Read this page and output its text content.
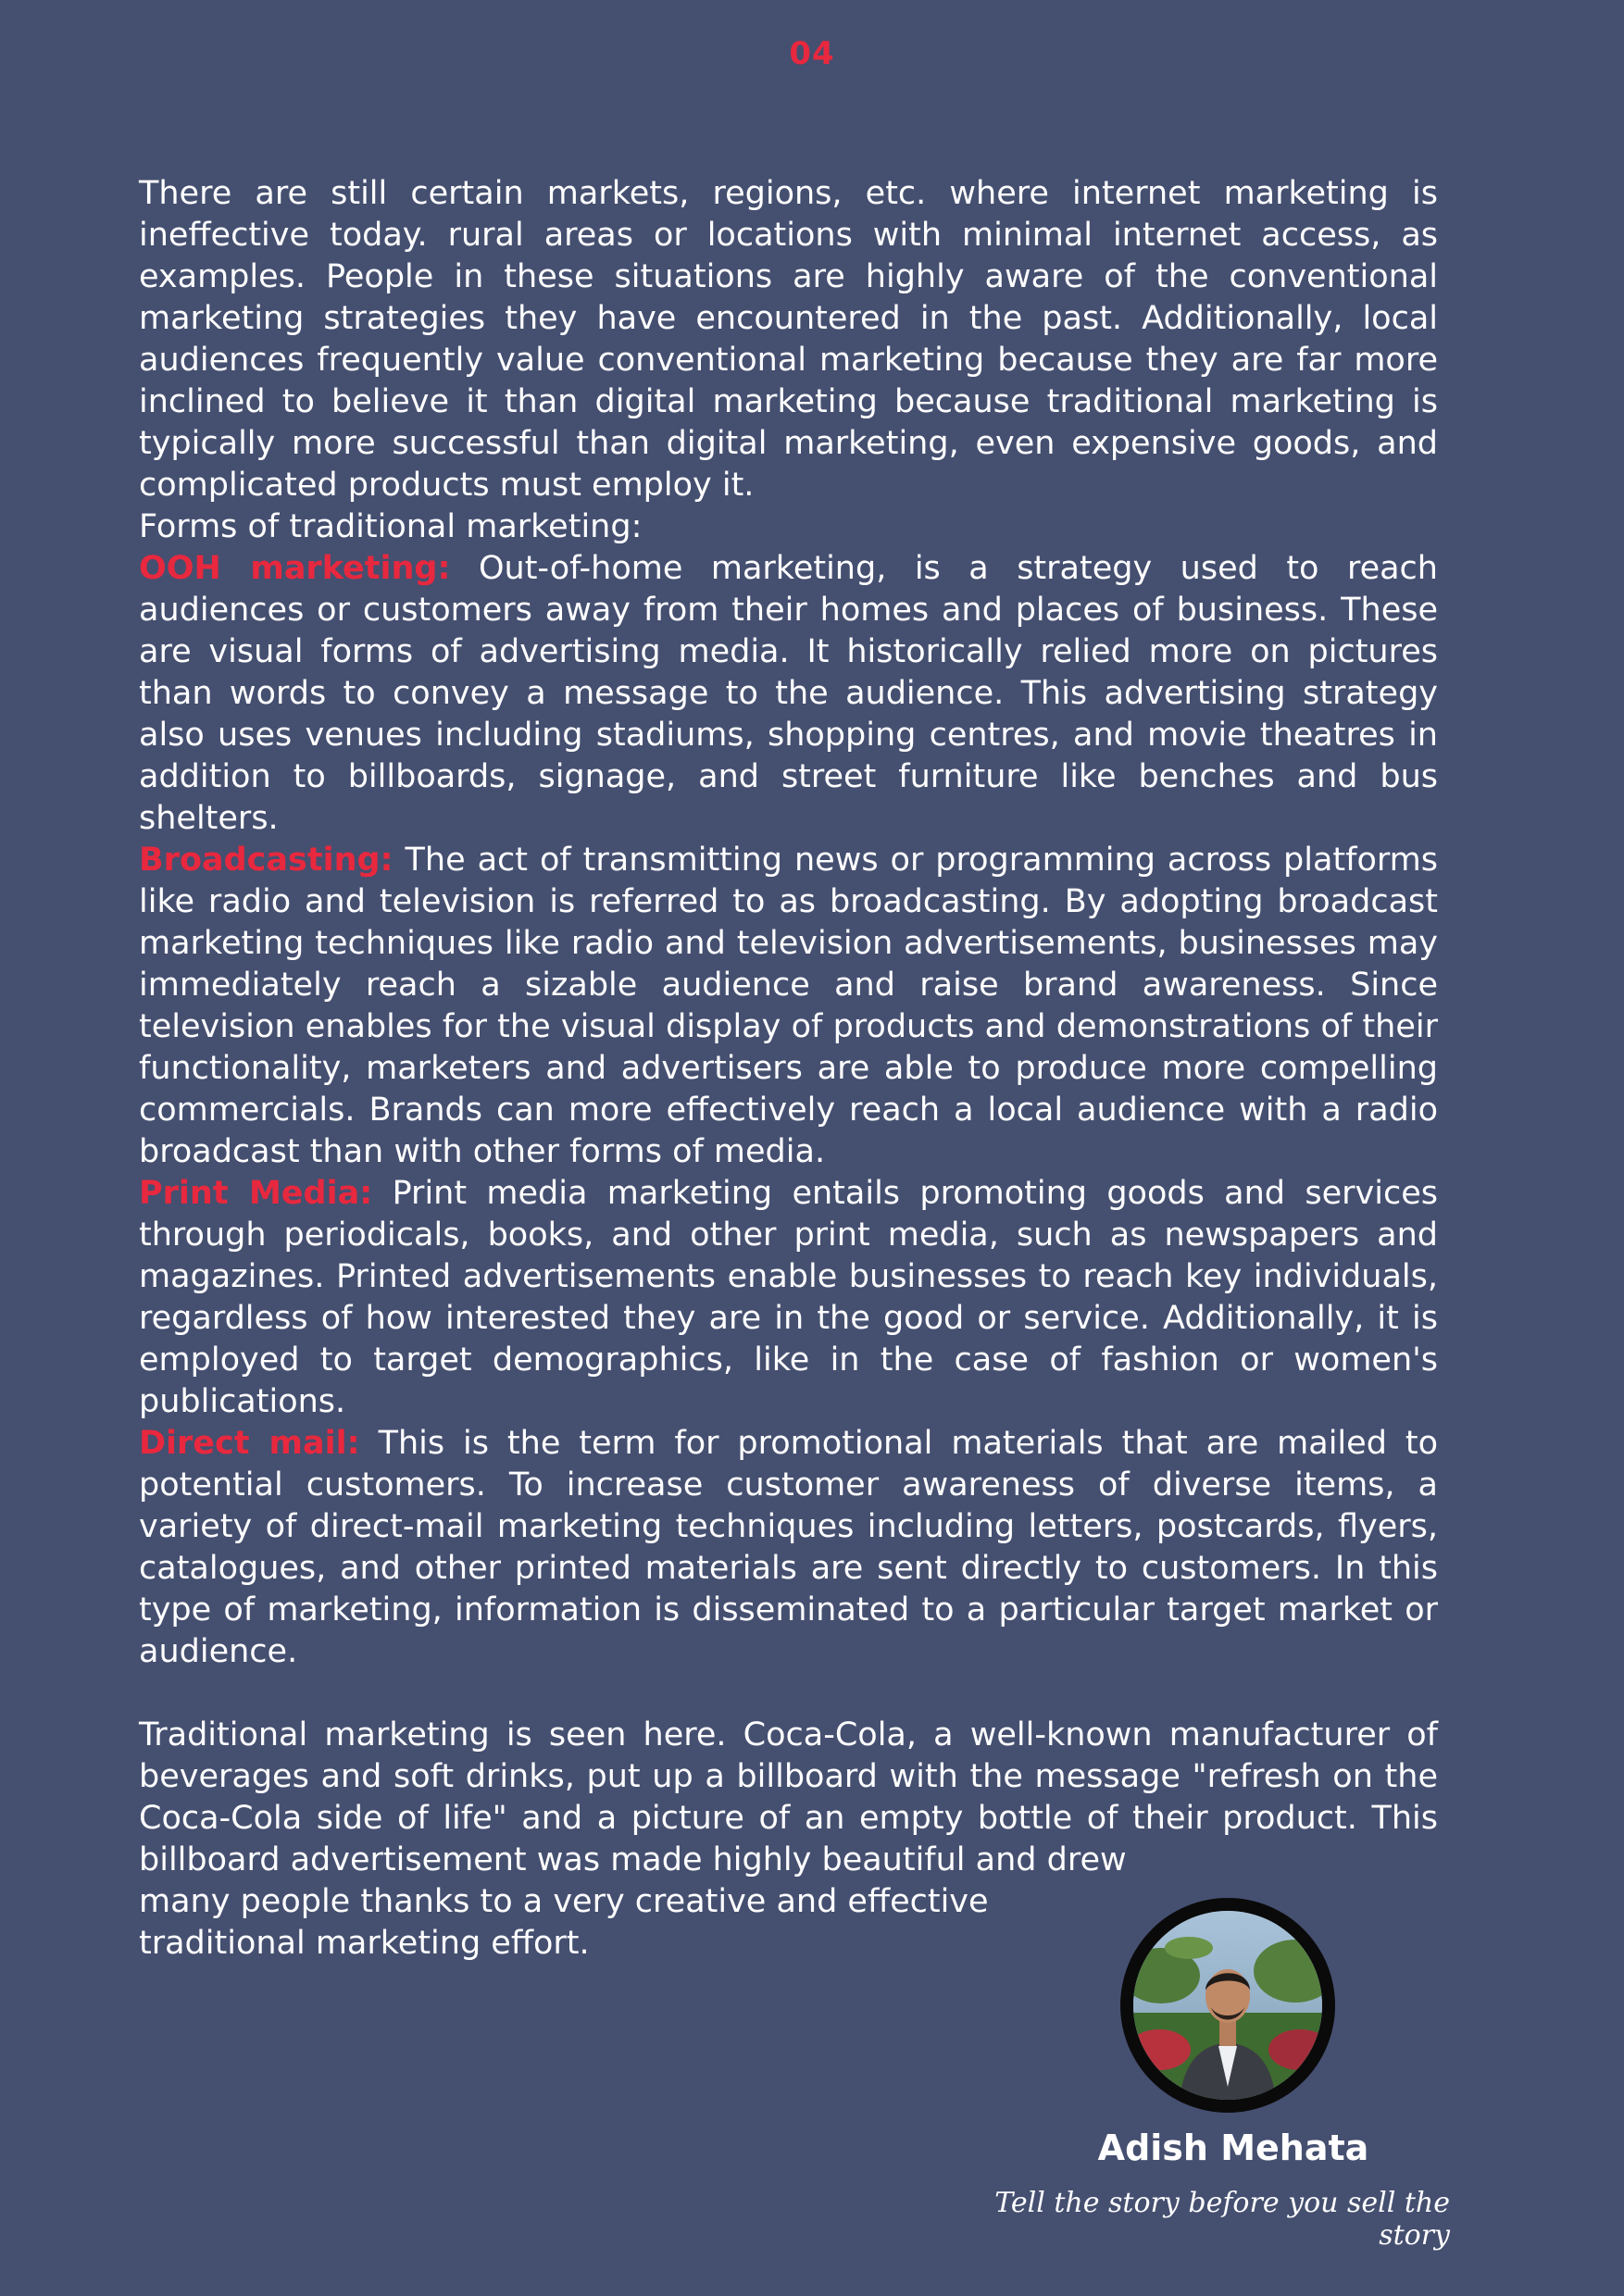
04

There are still certain markets, regions, etc. where internet marketing is ineffective today. rural areas or locations with minimal internet access, as examples. People in these situations are highly aware of the conventional marketing strategies they have encountered in the past. Additionally, local audiences frequently value conventional marketing because they are far more inclined to believe it than digital marketing because traditional marketing is typically more successful than digital marketing, even expensive goods, and complicated products must employ it.

Forms of traditional marketing:

OOH marketing: Out-of-home marketing, is a strategy used to reach audiences or customers away from their homes and places of business. These are visual forms of advertising media. It historically relied more on pictures than words to convey a message to the audience. This advertising strategy also uses venues including stadiums, shopping centres, and movie theatres in addition to billboards, signage, and street furniture like benches and bus shelters.

Broadcasting: The act of transmitting news or programming across platforms like radio and television is referred to as broadcasting. By adopting broadcast marketing techniques like radio and television advertisements, businesses may immediately reach a sizable audience and raise brand awareness. Since television enables for the visual display of products and demonstrations of their functionality, marketers and advertisers are able to produce more compelling commercials. Brands can more effectively reach a local audience with a radio broadcast than with other forms of media.

Print Media: Print media marketing entails promoting goods and services through periodicals, books, and other print media, such as newspapers and magazines. Printed advertisements enable businesses to reach key individuals, regardless of how interested they are in the good or service. Additionally, it is employed to target demographics, like in the case of fashion or women's publications.

Direct mail: This is the term for promotional materials that are mailed to potential customers. To increase customer awareness of diverse items, a variety of direct-mail marketing techniques including letters, postcards, flyers, catalogues, and other printed materials are sent directly to customers. In this type of marketing, information is disseminated to a particular target market or audience.

Traditional marketing is seen here. Coca-Cola, a well-known manufacturer of beverages and soft drinks, put up a billboard with the message "refresh on the Coca-Cola side of life" and a picture of an empty bottle of their product. This billboard advertisement was made highly beautiful and drew

many people thanks to a very creative and effective

traditional marketing effort.

Adish Mehata
Tell the story before you sell the story
